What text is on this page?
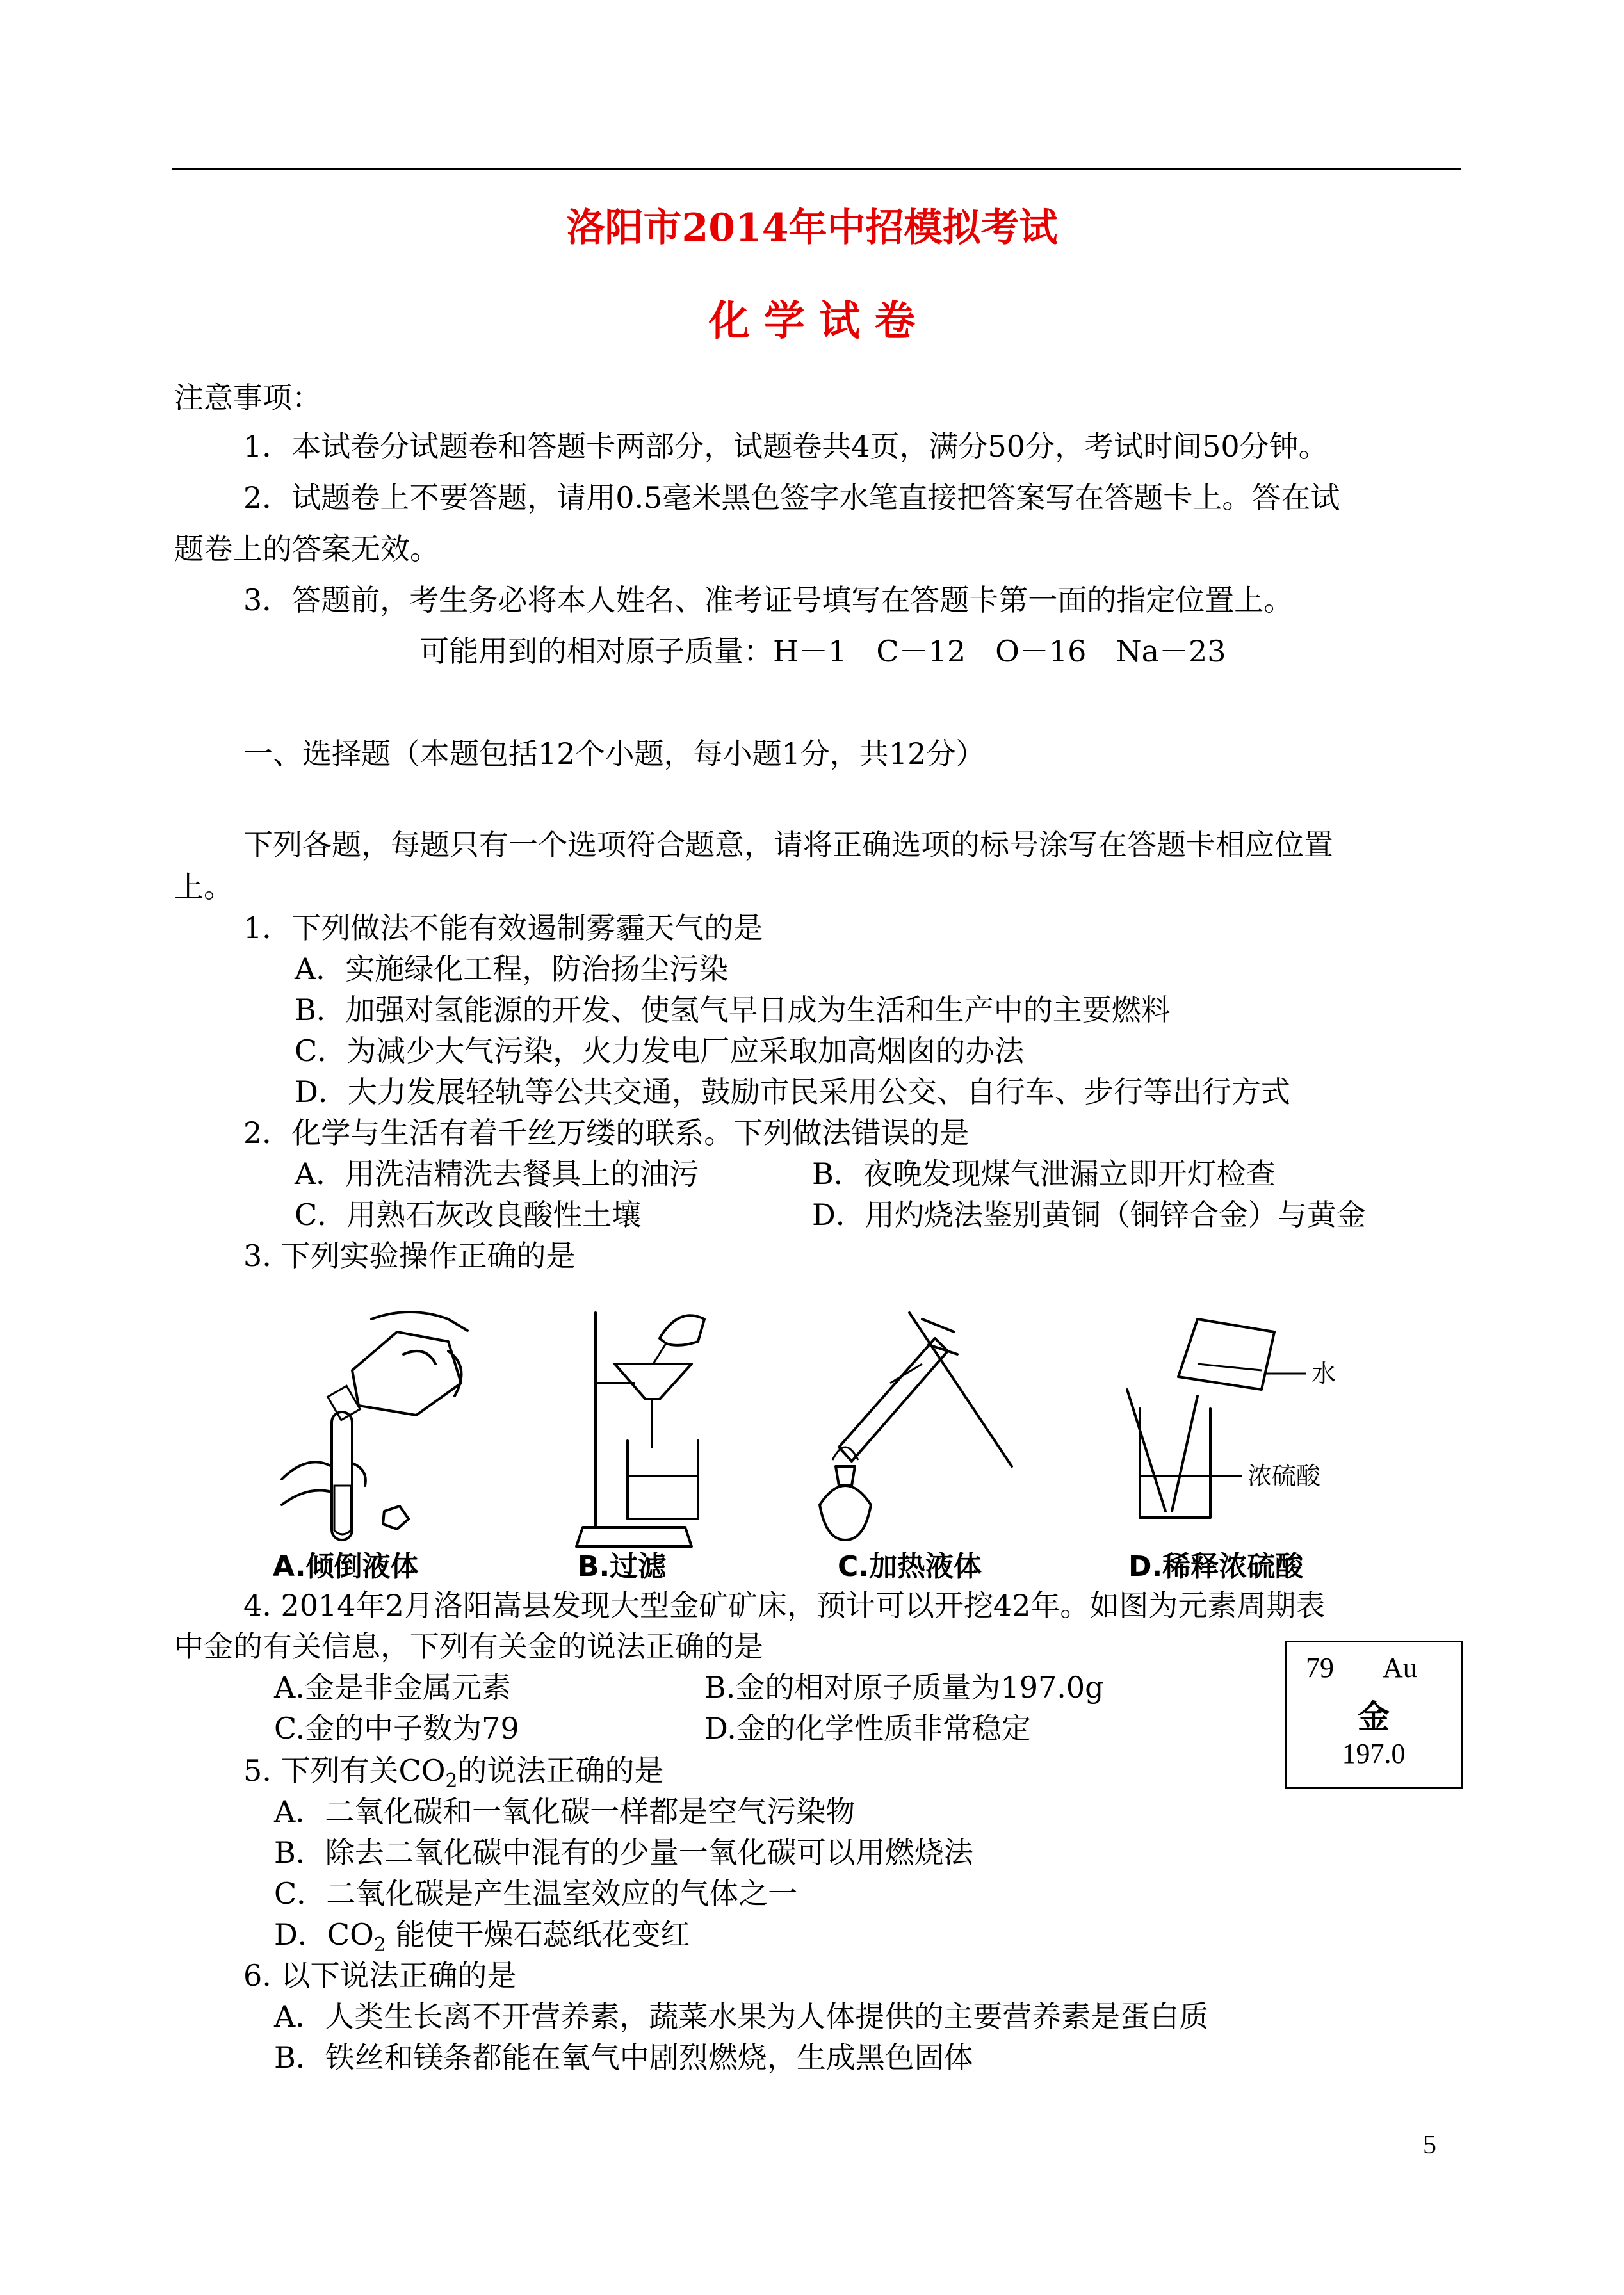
洛阳市2014年中招模拟考试
化 学 试 卷
注意事项：
1．本试卷分试题卷和答题卡两部分，试题卷共4页，满分50分，考试时间50分钟。
2．试题卷上不要答题，请用0.5毫米黑色签字水笔直接把答案写在答题卡上。答在试
题卷上的答案无效。
3．答题前，考生务必将本人姓名、准考证号填写在答题卡第一面的指定位置上。
可能用到的相对原子质量：H－1　C－12　O－16　Na－23
一、选择题（本题包括12个小题，每小题1分，共12分）
下列各题，每题只有一个选项符合题意，请将正确选项的标号涂写在答题卡相应位置
上。
1．下列做法不能有效遏制雾霾天气的是
A．实施绿化工程，防治扬尘污染
B．加强对氢能源的开发、使氢气早日成为生活和生产中的主要燃料
C．为减少大气污染，火力发电厂应采取加高烟囱的办法
D．大力发展轻轨等公共交通，鼓励市民采用公交、自行车、步行等出行方式
2．化学与生活有着千丝万缕的联系。下列做法错误的是
A．用洗洁精洗去餐具上的油污	B．夜晚发现煤气泄漏立即开灯检查
C．用熟石灰改良酸性土壤	D．用灼烧法鉴别黄铜（铜锌合金）与黄金
3. 下列实验操作正确的是
水
浓硫酸
A.倾倒液体	B.过滤	C.加热液体	D.稀释浓硫酸
4. 2014年2月洛阳嵩县发现大型金矿矿床，预计可以开挖42年。如图为元素周期表
中金的有关信息，下列有关金的说法正确的是
A.金是非金属元素	B.金的相对原子质量为197.0g
C.金的中子数为79	D.金的化学性质非常稳定
79 Au
金
197.0
5. 下列有关$CO_2$的说法正确的是
A．二氧化碳和一氧化碳一样都是空气污染物
B．除去二氧化碳中混有的少量一氧化碳可以用燃烧法
C．二氧化碳是产生温室效应的气体之一
D．$CO_2$ 能使干燥石蕊纸花变红
6. 以下说法正确的是
A．人类生长离不开营养素，蔬菜水果为人体提供的主要营养素是蛋白质
B．铁丝和镁条都能在氧气中剧烈燃烧，生成黑色固体
5
